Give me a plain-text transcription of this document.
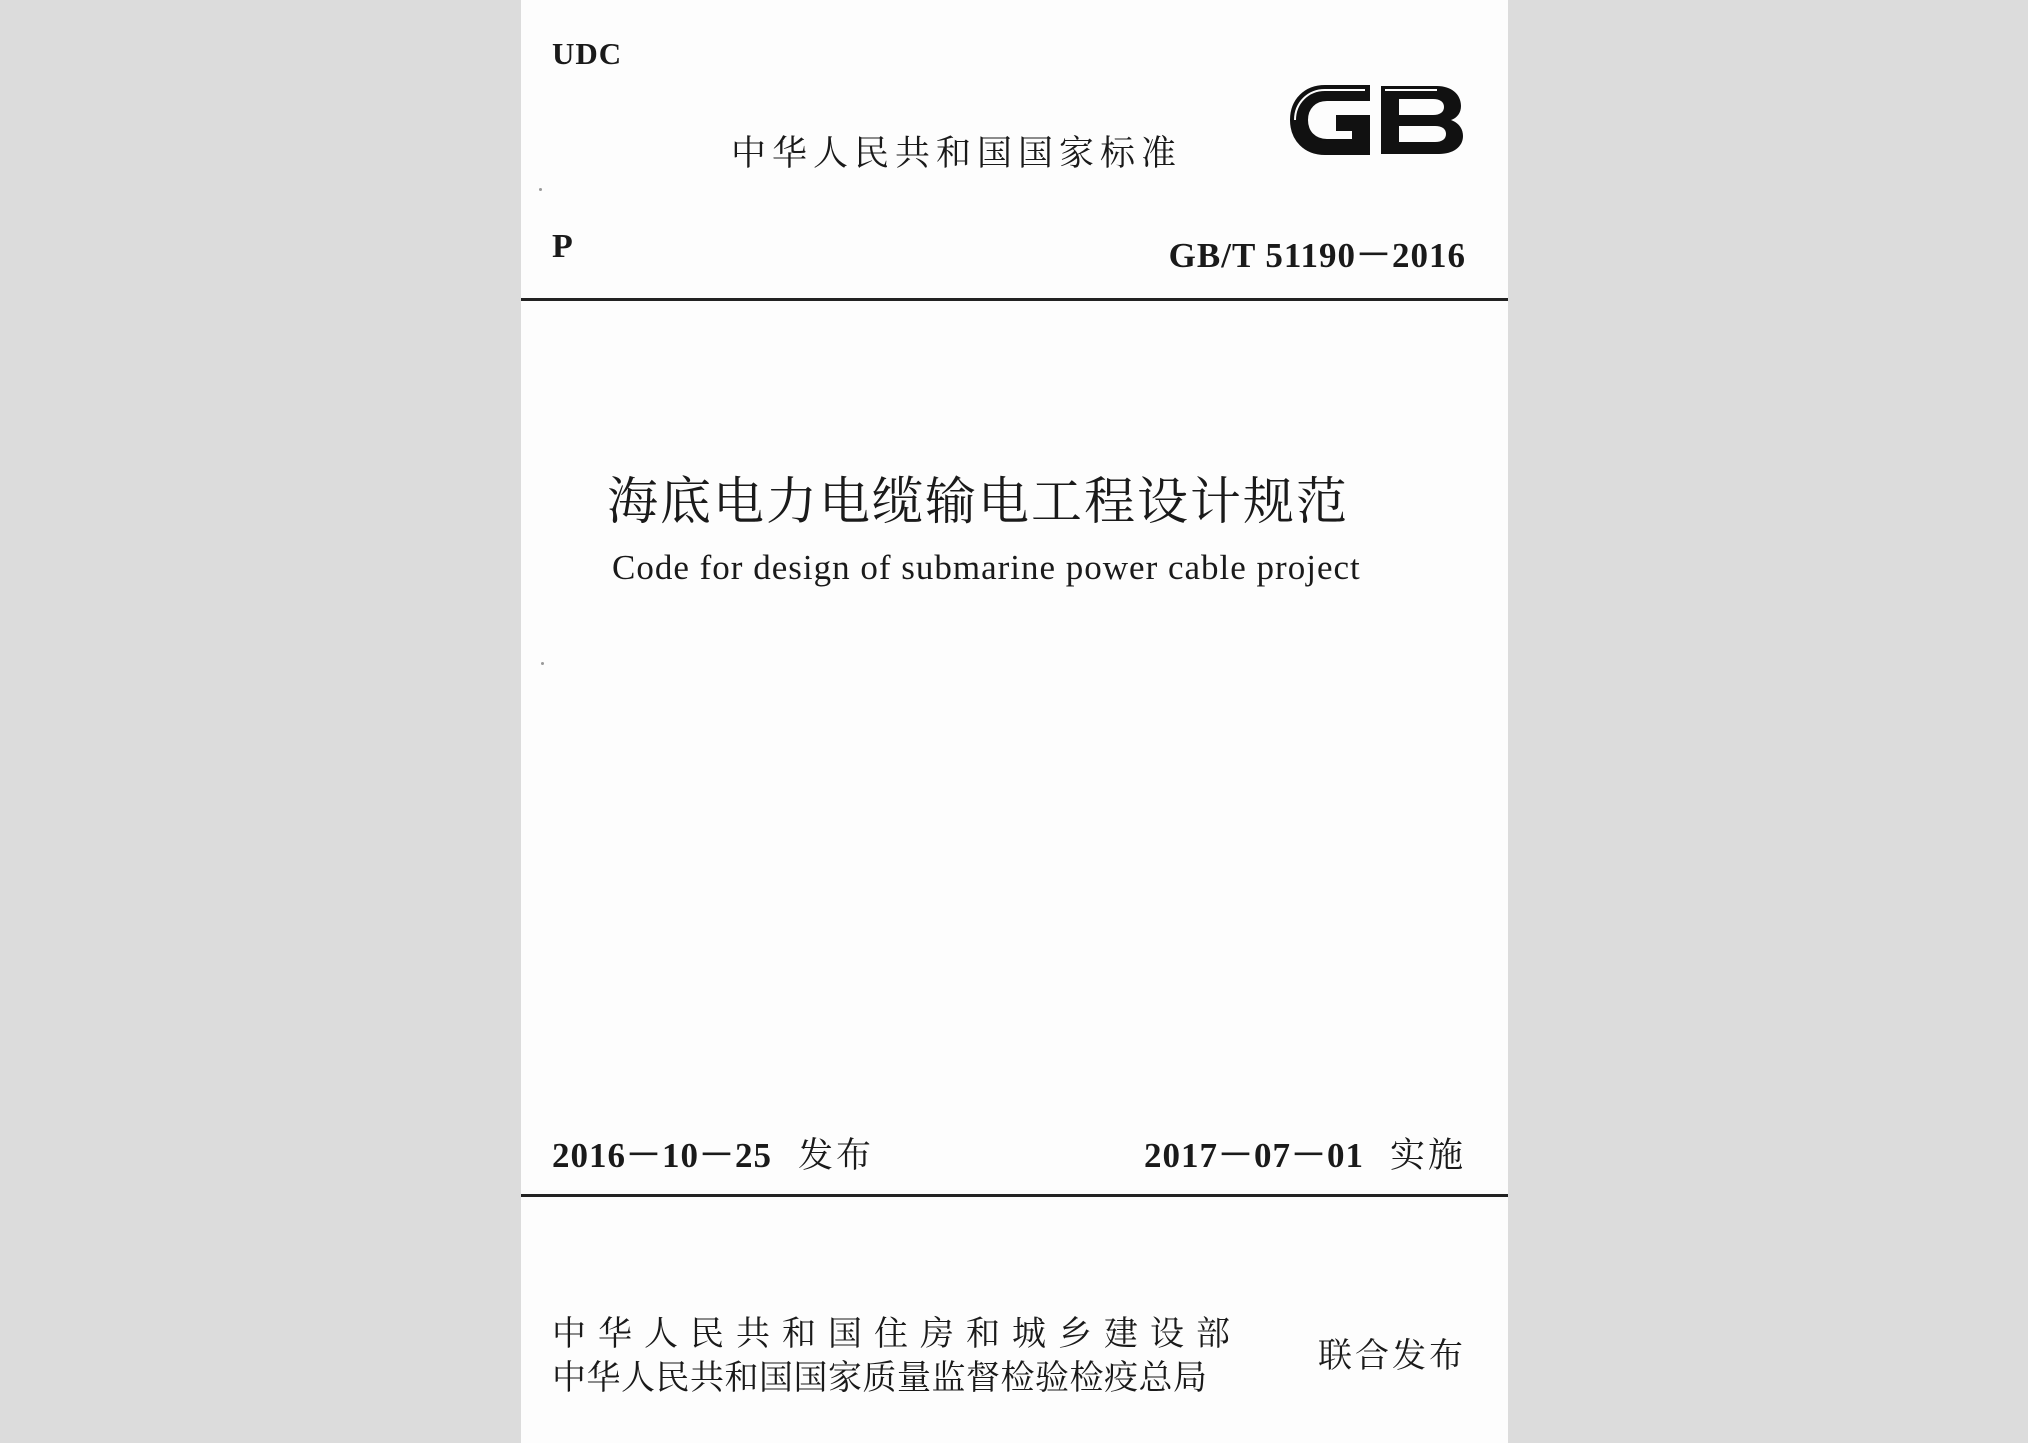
UDC
中华人民共和国国家标准
P	GB/T 51190－2016
海底电力电缆输电工程设计规范
Code for design of submarine power cable project
2016－10－25 发布	2017－07－01 实施
中华人民共和国住房和城乡建设部
中华人民共和国国家质量监督检验检疫总局
联合发布
